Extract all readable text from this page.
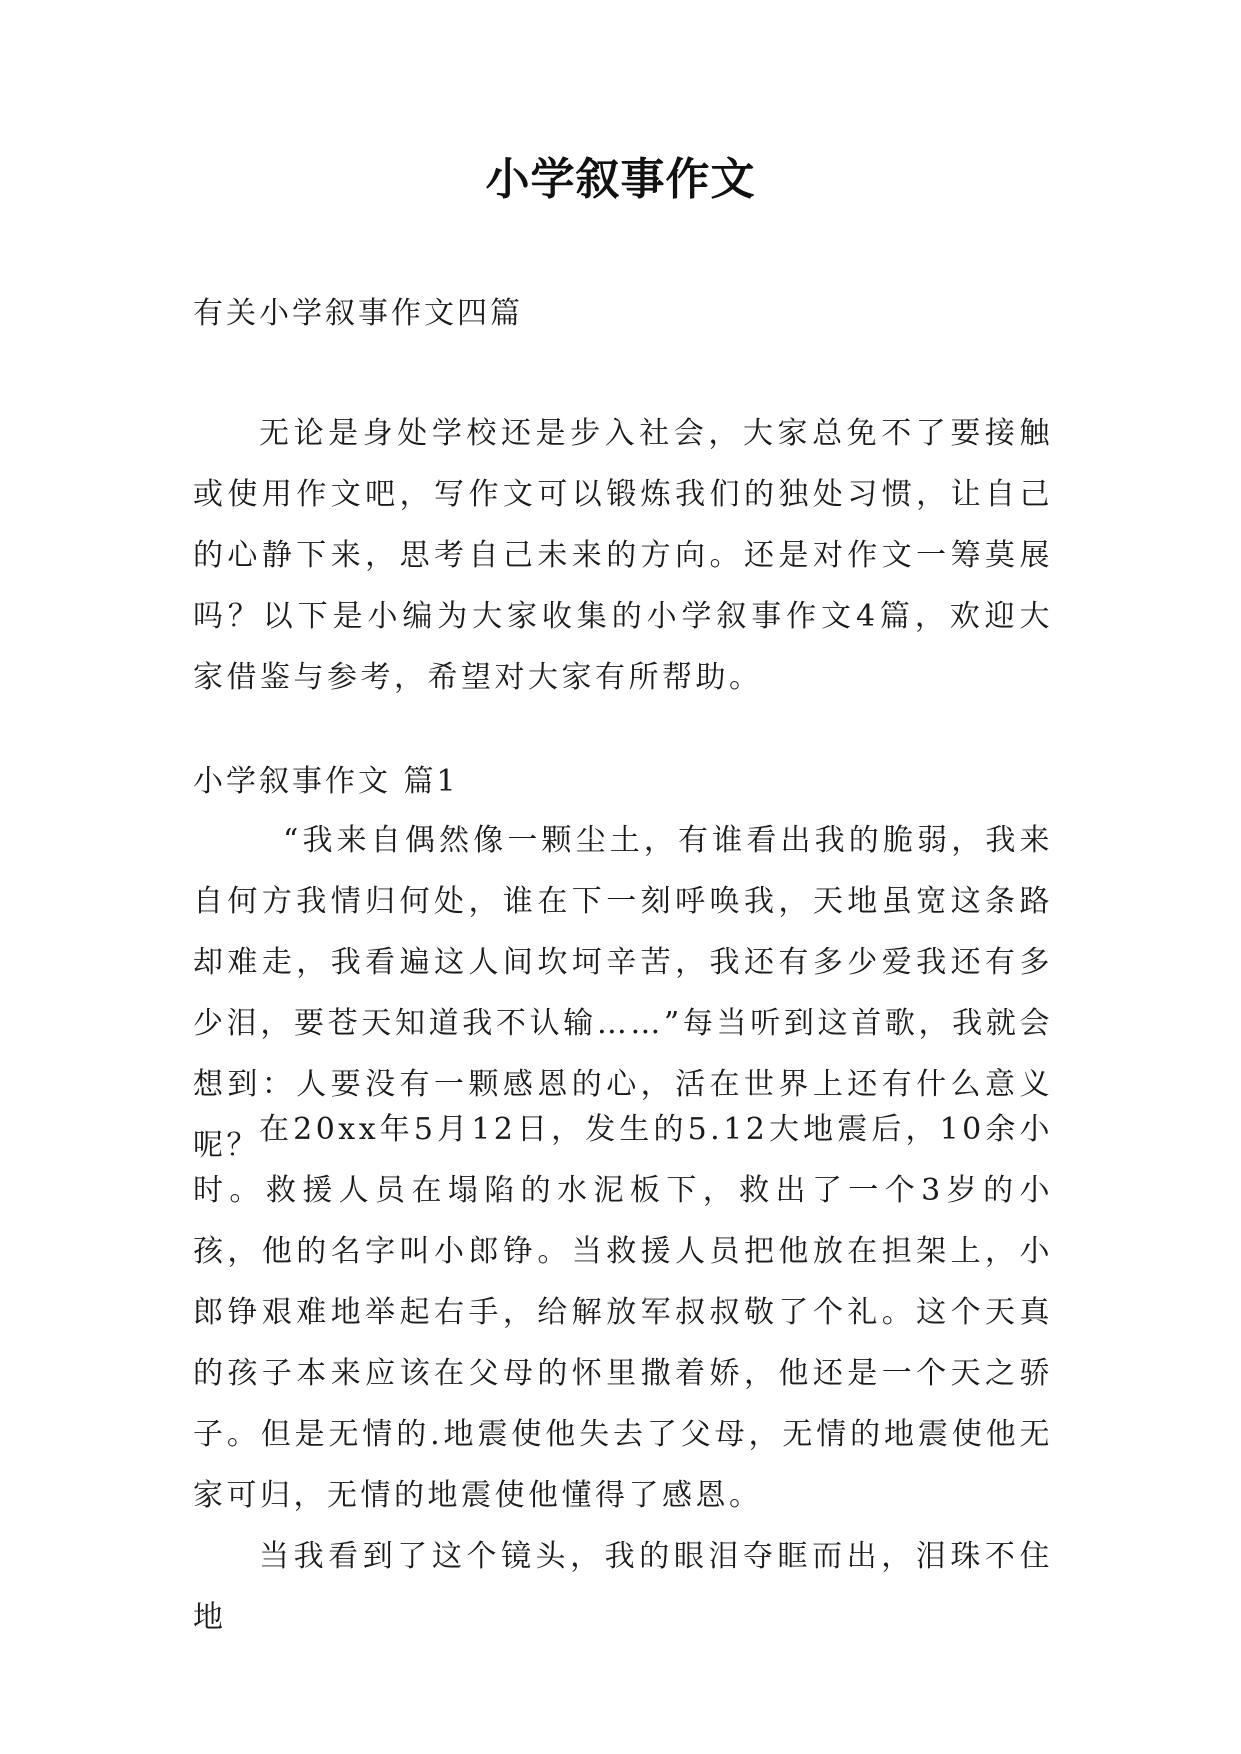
小学叙事作文
有关小学叙事作文四篇

无论是身处学校还是步入社会，大家总免不了要接触或使用作文吧，写作文可以锻炼我们的独处习惯，让自己的心静下来，思考自己未来的方向。还是对作文一筹莫展吗？以下是小编为大家收集的小学叙事作文4篇，欢迎大家借鉴与参考，希望对大家有所帮助。

小学叙事作文 篇1

“我来自偶然像一颗尘土，有谁看出我的脆弱，我来自何方我情归何处，谁在下一刻呼唤我，天地虽宽这条路却难走，我看遍这人间坎坷辛苦，我还有多少爱我还有多少泪，要苍天知道我不认输……”每当听到这首歌，我就会想到：人要没有一颗感恩的心，活在世界上还有什么意义呢？ 在20xx年5月12日，发生的5.12大地震后，10余小时。救援人员在塌陷的水泥板下，救出了一个3岁的小孩，他的名字叫小郎铮。当救援人员把他放在担架上，小郎铮艰难地举起右手，给解放军叔叔敬了个礼。这个天真的孩子本来应该在父母的怀里撒着娇，他还是一个天之骄子。但是无情的.地震使他失去了父母，无情的地震使他无家可归，无情的地震使他懂得了感恩。

当我看到了这个镜头，我的眼泪夺眶而出，泪珠不住地
